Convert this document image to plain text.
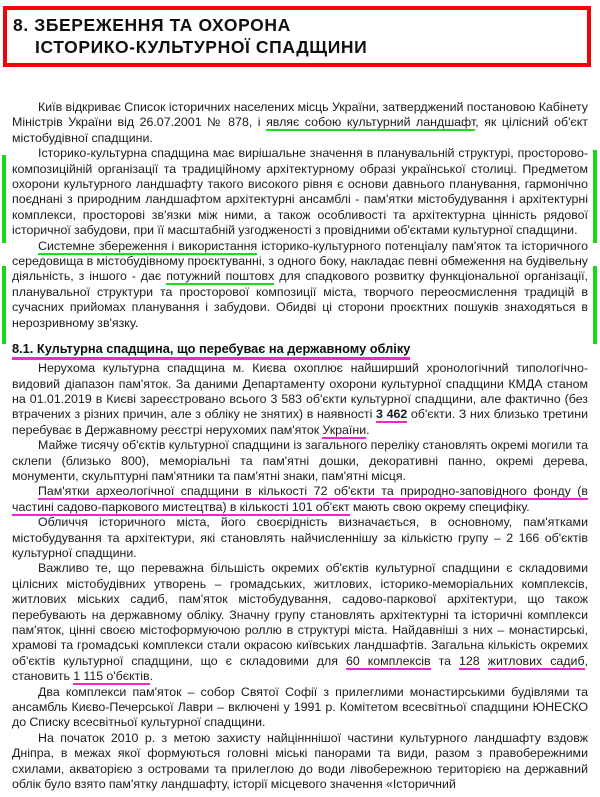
8. ЗБЕРЕЖЕННЯ ТА ОХОРОНА
ІСТОРИКО-КУЛЬТУРНОЇ СПАДЩИНИ

Київ відкриває Список історичних населених місць України, затверджений постановою Кабінету Міністрів України від 26.07.2001 № 878, і являє собою культурний ландшафт, як цілісний об'єкт містобудівної спадщини.

Історико-культурна спадщина має вирішальне значення в планувальній структурі, просторово-композиційній організації та традиційному архітектурному образі української столиці. Предметом охорони культурного ландшафту такого високого рівня є основи давнього планування, гармонічно поєднані з природним ландшафтом архітектурні ансамблі - пам'ятки містобудування і архітектурні комплекси, просторові зв'язки між ними, а також особливості та архітектурна цінність рядової історичної забудови, при її масштабній узгодженості з провідними об'єктами культурної спадщини.

Системне збереження і використання історико-культурного потенціалу пам'яток та історичного середовища в містобудівному проєктуванні, з одного боку, накладає певні обмеження на будівельну діяльність, з іншого - дає потужний поштовх для спадкового розвитку функціональної організації, планувальної структури та просторової композиції міста, творчого переосмислення традицій в сучасних прийомах планування і забудови. Обидві ці сторони проєктних пошуків знаходяться в нерозривному зв'язку.

8.1. Культурна спадщина, що перебуває на державному обліку

Нерухома культурна спадщина м. Києва охоплює найширший хронологічний типологічно-видовий діапазон пам'яток. За даними Департаменту охорони культурної спадщини КМДА станом на 01.01.2019 в Києві зареєстровано всього 3 583 об'єкти культурної спадщини, але фактично (без втрачених з різних причин, але з обліку не знятих) в наявності 3 462 об'єкти. З них близько третини перебуває в Державному реєстрі нерухомих пам'яток України.

Майже тисячу об'єктів культурної спадщини із загального переліку становлять окремі могили та склепи (близько 800), меморіальні та пам'ятні дошки, декоративні панно, окремі дерева, монументи, скульптурні пам'ятники та пам'ятні знаки, пам'ятні місця.

Пам'ятки археологічної спадщини в кількості 72 об'єкти та природно-заповідного фонду (в частині садово-паркового мистецтва) в кількості 101 об'єкт мають свою окрему специфіку.

Обличчя історичного міста, його своєрідність визначається, в основному, пам'ятками містобудування та архітектури, які становлять найчисленнішу за кількістю групу – 2 166 об'єктів культурної спадщини.

Важливо те, що переважна більшість окремих об'єктів культурної спадщини є складовими цілісних містобудівних утворень – громадських, житлових, історико-меморіальних комплексів, житлових міських садиб, пам'яток містобудування, садово-паркової архітектури, що також перебувають на державному обліку. Значну групу становлять архітектурні та історичні комплекси пам'яток, цінні своєю містоформуючою роллю в структурі міста. Найдавніші з них – монастирські, храмові та громадські комплекси стали окрасою київських ландшафтів. Загальна кількість окремих об'єктів культурної спадщини, що є складовими для 60 комплексів та 128 житлових садиб, становить 1 115 о'бєктів.

Два комплекси пам'яток – собор Святої Софії з прилеглими монастирськими будівлями та ансамбль Києво-Печерської Лаври – включені у 1991 р. Комітетом всесвітньої спадщини ЮНЕСКО до Списку всесвітньої культурної спадщини.

На початок 2010 р. з метою захисту найцінннішої частини культурного ландшафту вздовж Дніпра, в межах якої формуються головні міські панорами та види, разом з правобережними схилами, акваторією з островами та прилеглою до води лівобережною територією на державний облік було взято пам'ятку ландшафту, історії місцевого значення «Історичний
